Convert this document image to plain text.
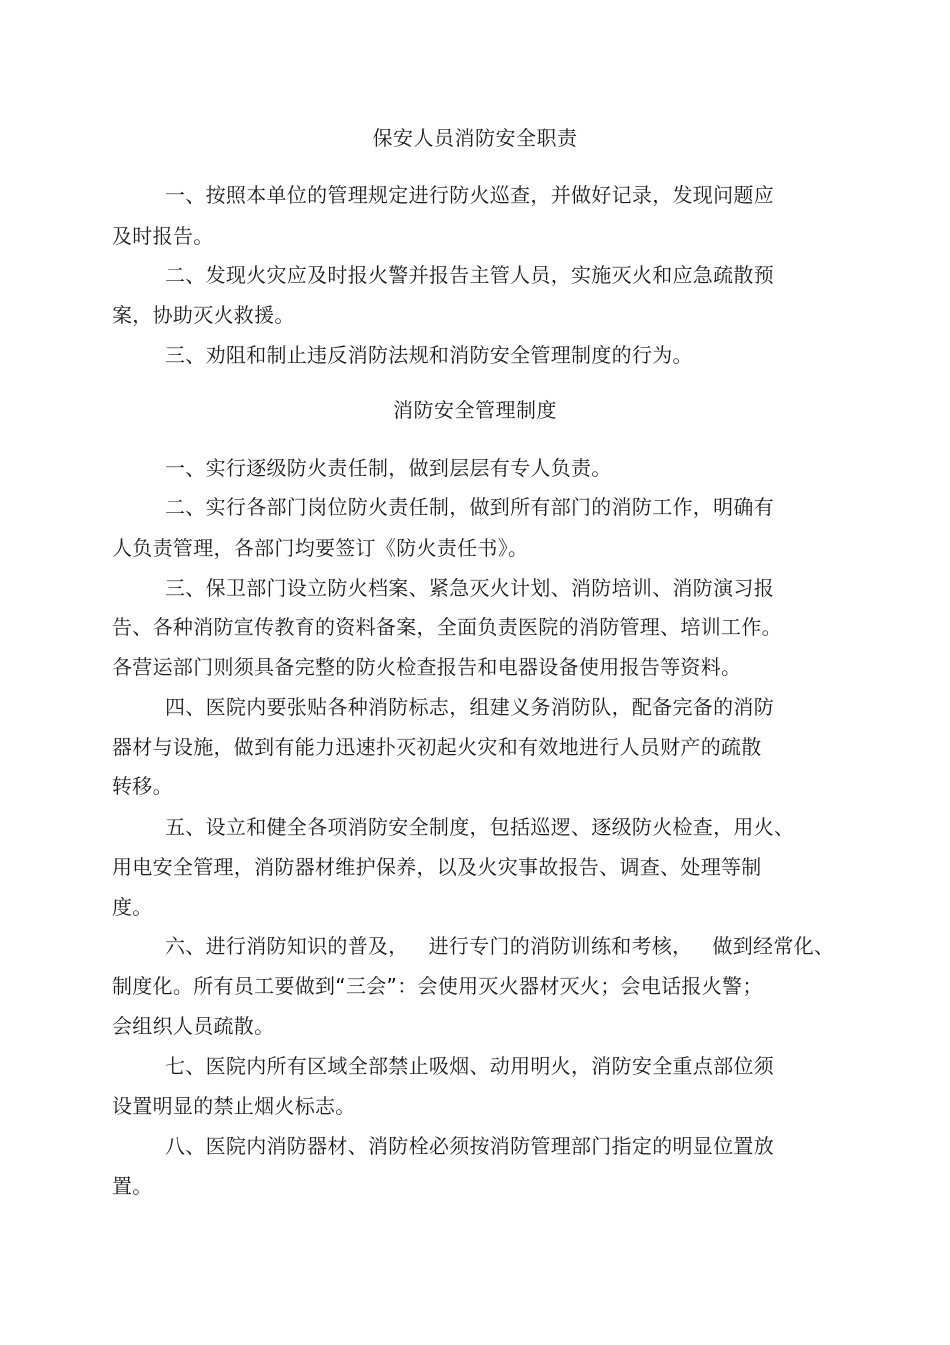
保安人员消防安全职责
一、按照本单位的管理规定进行防火巡查，并做好记录，发现问题应
及时报告。
二、发现火灾应及时报火警并报告主管人员，实施灭火和应急疏散预
案，协助灭火救援。
三、劝阻和制止违反消防法规和消防安全管理制度的行为。
消防安全管理制度
一、实行逐级防火责任制，做到层层有专人负责。
二、实行各部门岗位防火责任制，做到所有部门的消防工作，明确有
人负责管理，各部门均要签订《防火责任书》。
三、保卫部门设立防火档案、紧急灭火计划、消防培训、消防演习报
告、各种消防宣传教育的资料备案，全面负责医院的消防管理、培训工作。
各营运部门则须具备完整的防火检查报告和电器设备使用报告等资料。
四、医院内要张贴各种消防标志，组建义务消防队，配备完备的消防
器材与设施，做到有能力迅速扑灭初起火灾和有效地进行人员财产的疏散
转移。
五、设立和健全各项消防安全制度，包括巡逻、逐级防火检查，用火、
用电安全管理，消防器材维护保养，以及火灾事故报告、调查、处理等制
度。
六、进行消防知识的普及，   进行专门的消防训练和考核，   做到经常化、
制度化。所有员工要做到“三会”：会使用灭火器材灭火；会电话报火警；
会组织人员疏散。
七、医院内所有区域全部禁止吸烟、动用明火，消防安全重点部位须
设置明显的禁止烟火标志。
八、医院内消防器材、消防栓必须按消防管理部门指定的明显位置放
置。
